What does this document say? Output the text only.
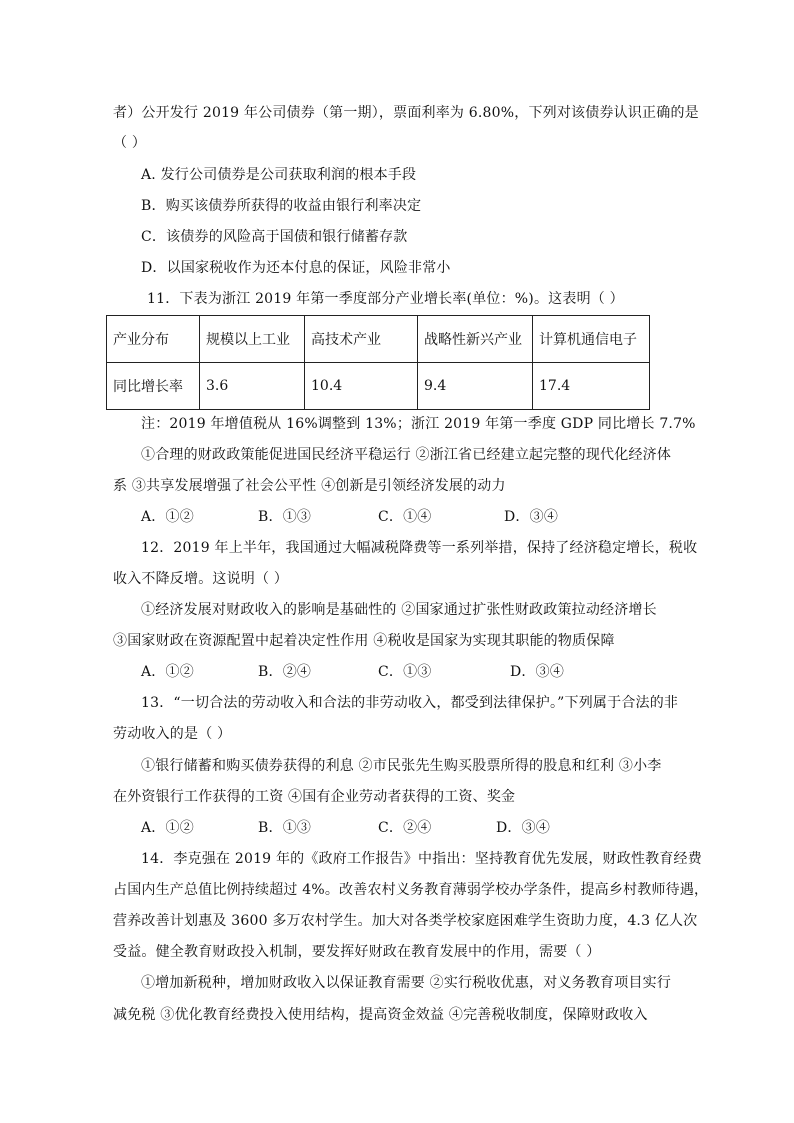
者）公开发行 2019 年公司债券（第一期），票面利率为 6.80%，下列对该债券认识正确的是
（ ）
A. 发行公司债券是公司获取利润的根本手段
B．购买该债券所获得的收益由银行利率决定
C．该债券的风险高于国债和银行储蓄存款
D．以国家税收作为还本付息的保证，风险非常小
11．下表为浙江 2019 年第一季度部分产业增长率(单位：%)。这表明（ ）
产业分布	规模以上工业	高技术产业	战略性新兴产业	计算机通信电子
同比增长率	3.6	10.4	9.4	17.4
注：2019 年增值税从 16%调整到 13%；浙江 2019 年第一季度 GDP 同比增长 7.7%
①合理的财政政策能促进国民经济平稳运行 ②浙江省已经建立起完整的现代化经济体
系 ③共享发展增强了社会公平性 ④创新是引领经济发展的动力
A．①②	B．①③	C．①④	D．③④
12．2019 年上半年，我国通过大幅减税降费等一系列举措，保持了经济稳定增长，税收
收入不降反增。这说明（ ）
①经济发展对财政收入的影响是基础性的 ②国家通过扩张性财政政策拉动经济增长
③国家财政在资源配置中起着决定性作用 ④税收是国家为实现其职能的物质保障
A．①②	B．②④	C．①③	D．③④
13．“一切合法的劳动收入和合法的非劳动收入，都受到法律保护。”下列属于合法的非
劳动收入的是（ ）
①银行储蓄和购买债券获得的利息 ②市民张先生购买股票所得的股息和红利 ③小李
在外资银行工作获得的工资 ④国有企业劳动者获得的工资、奖金
A．①②	B．①③	C．②④	D．③④
14．李克强在 2019 年的《政府工作报告》中指出：坚持教育优先发展，财政性教育经费
占国内生产总值比例持续超过 4%。改善农村义务教育薄弱学校办学条件，提高乡村教师待遇，
营养改善计划惠及 3600 多万农村学生。加大对各类学校家庭困难学生资助力度，4.3 亿人次
受益。健全教育财政投入机制，要发挥好财政在教育发展中的作用，需要（ ）
①增加新税种，增加财政收入以保证教育需要 ②实行税收优惠，对义务教育项目实行
减免税 ③优化教育经费投入使用结构，提高资金效益 ④完善税收制度，保障财政收入
